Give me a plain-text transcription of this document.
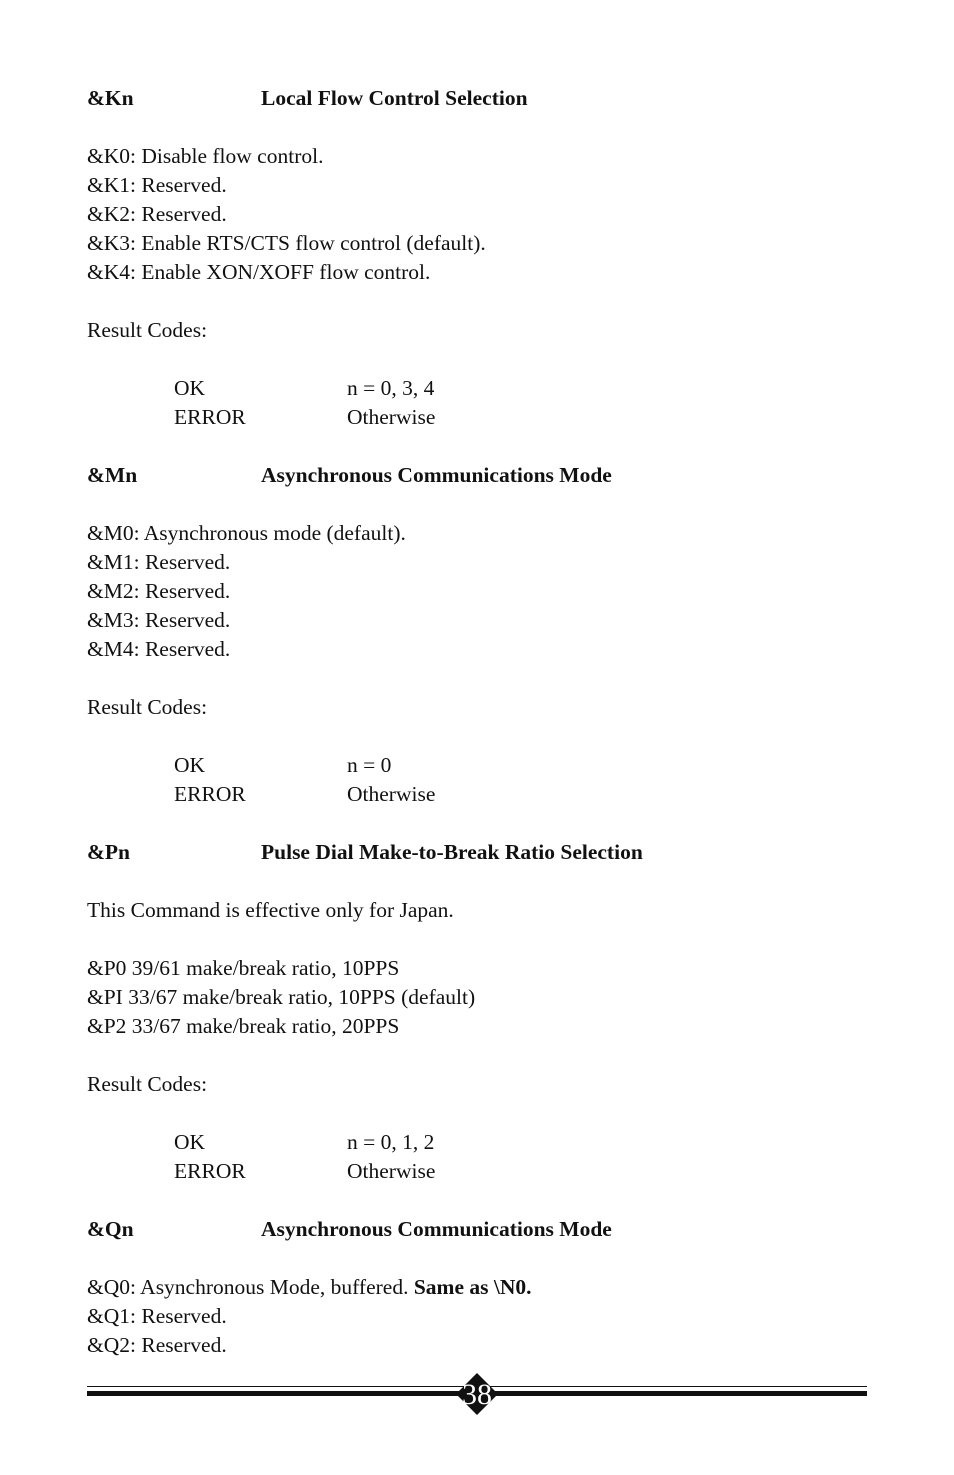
&Kn	Local Flow Control Selection
&K0: Disable flow control.
&K1: Reserved.
&K2: Reserved.
&K3: Enable RTS/CTS flow control (default).
&K4: Enable XON/XOFF flow control.
Result Codes:
OK	n = 0, 3, 4
ERROR	Otherwise
&Mn	Asynchronous Communications Mode
&M0: Asynchronous mode (default).
&M1: Reserved.
&M2: Reserved.
&M3: Reserved.
&M4: Reserved.
Result Codes:
OK	n = 0
ERROR	Otherwise
&Pn	Pulse Dial Make-to-Break Ratio Selection
This Command is effective only for Japan.
&P0 39/61 make/break ratio, 10PPS
&PI 33/67 make/break ratio, 10PPS (default)
&P2 33/67 make/break ratio, 20PPS
Result Codes:
OK	n = 0, 1, 2
ERROR	Otherwise
&Qn	Asynchronous Communications Mode
&Q0: Asynchronous Mode, buffered. Same as \N0.
&Q1: Reserved.
&Q2: Reserved.
38
